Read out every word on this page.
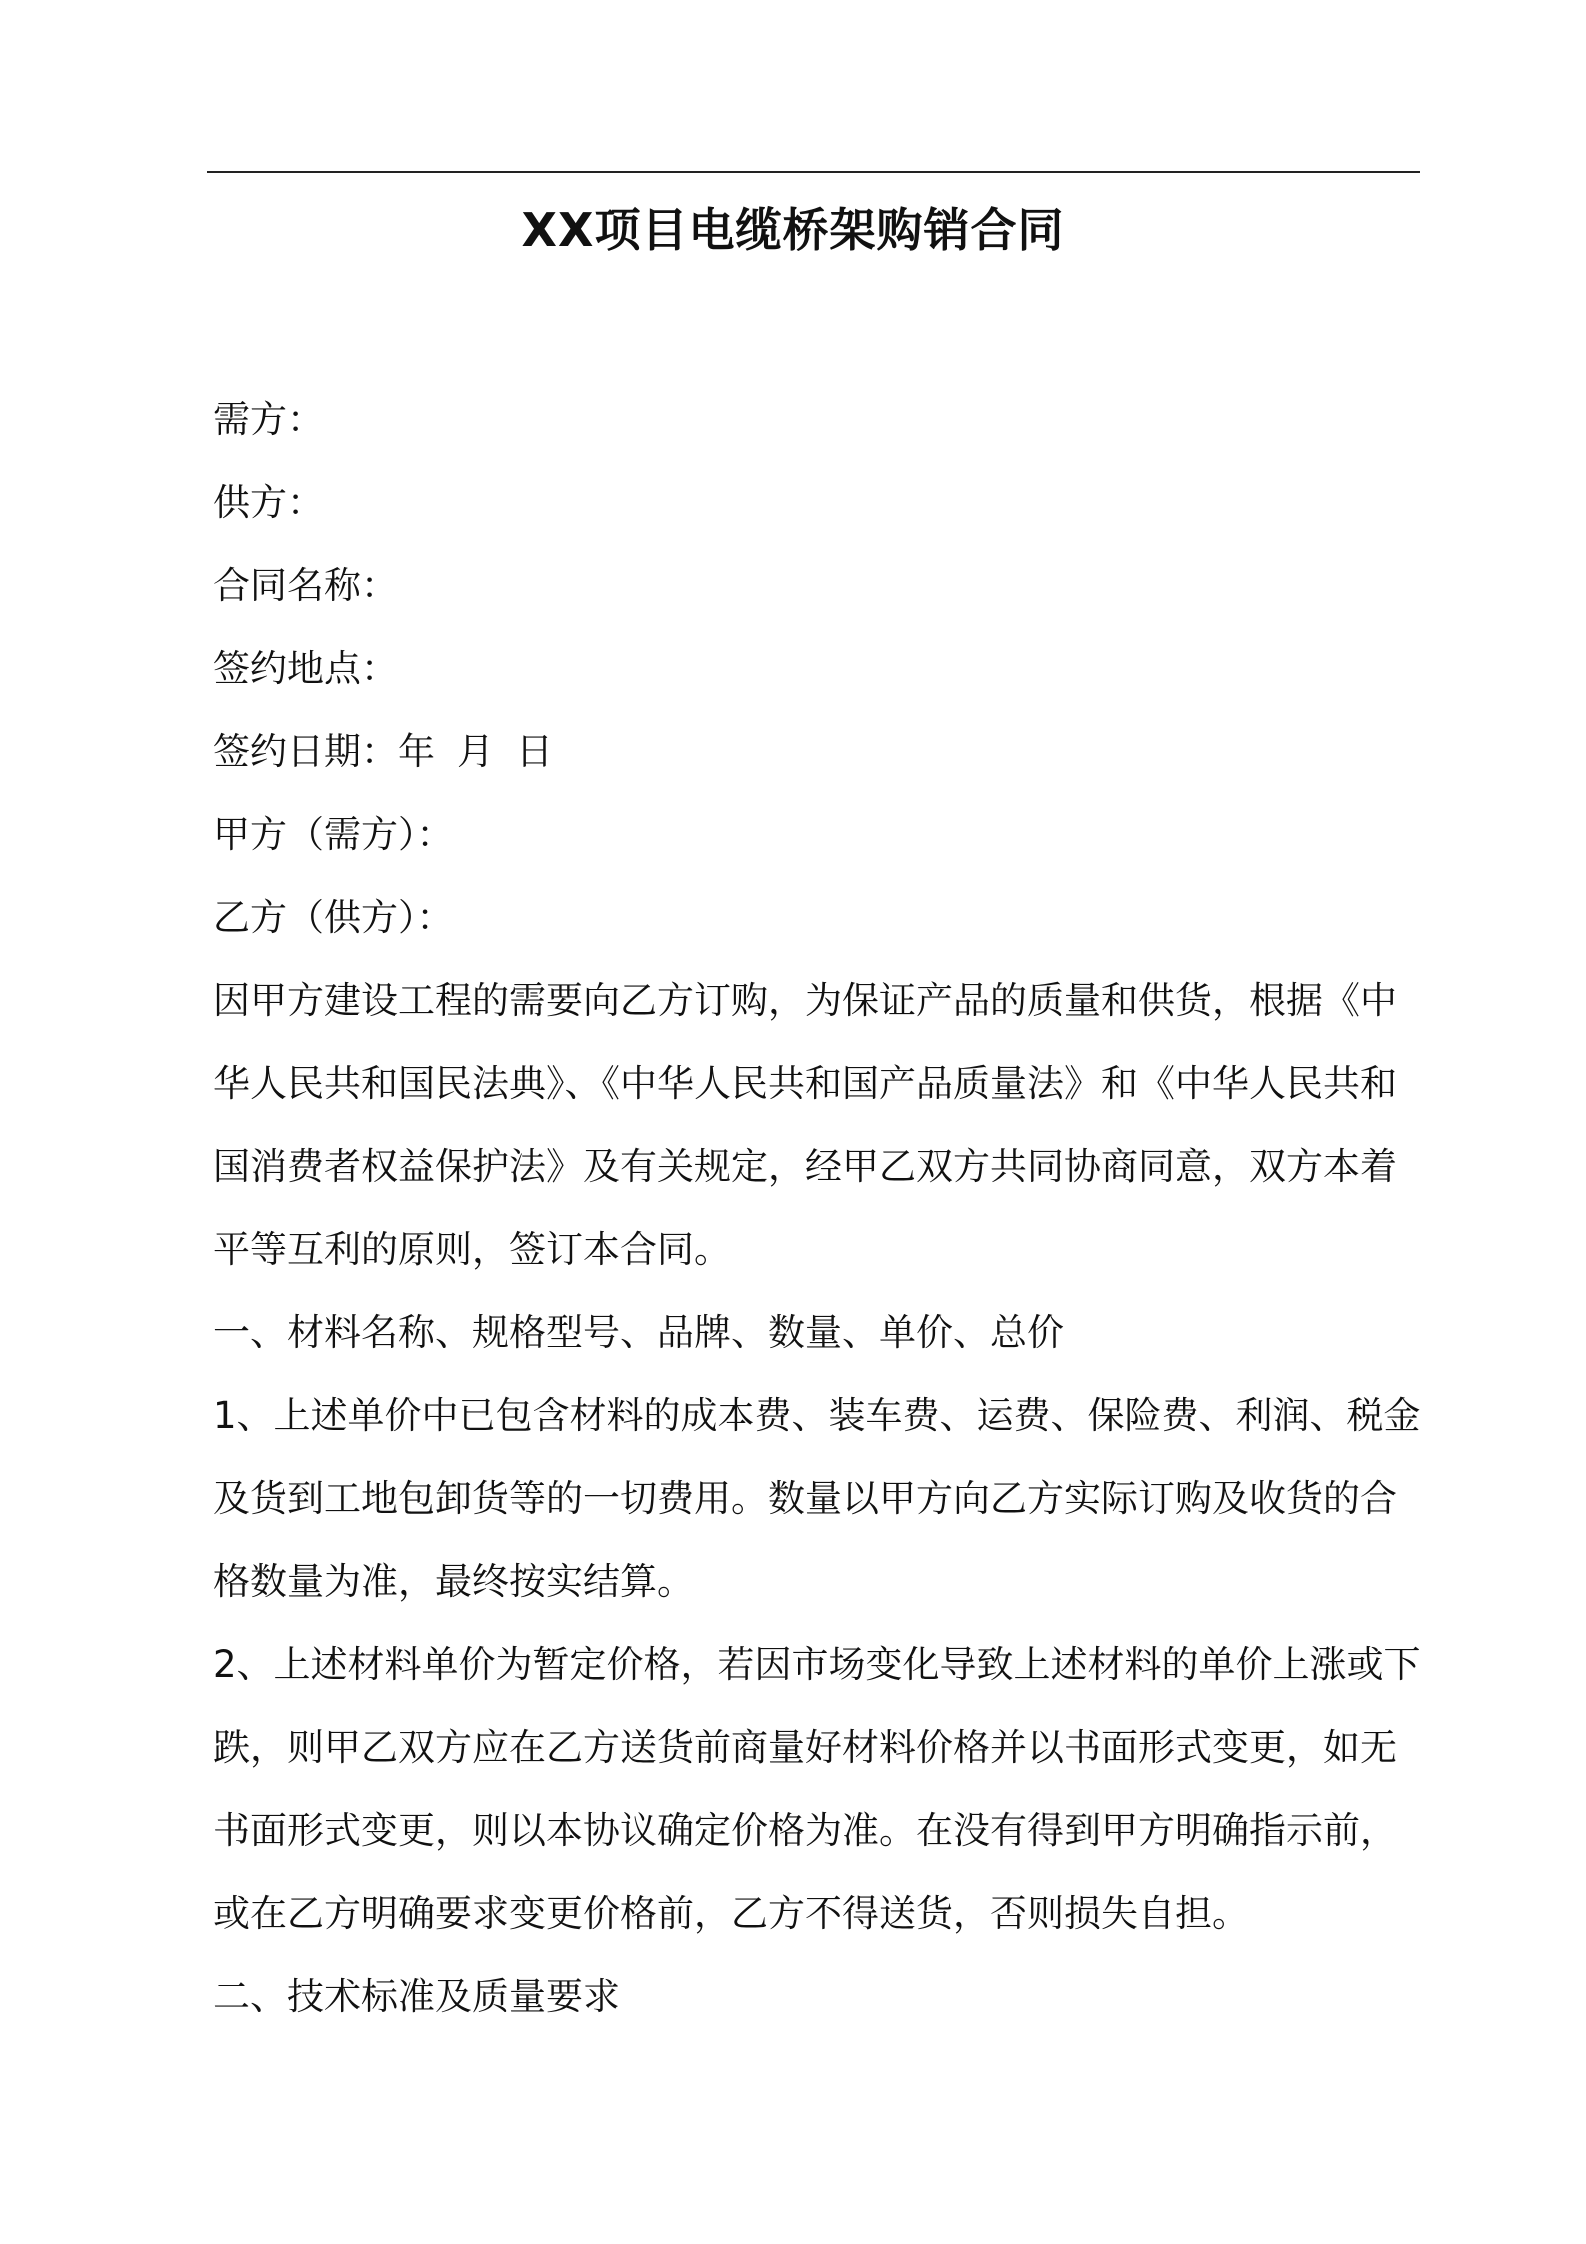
XX项目电缆桥架购销合同
需方：
供方：
合同名称：
签约地点：
签约日期：年 月 日
甲方（需方）：
乙方（供方）：
因甲方建设工程的需要向乙方订购，为保证产品的质量和供货，根据《中
华人民共和国民法典》、《中华人民共和国产品质量法》和《中华人民共和
国消费者权益保护法》及有关规定，经甲乙双方共同协商同意，双方本着
平等互利的原则，签订本合同。
一、材料名称、规格型号、品牌、数量、单价、总价
1、上述单价中已包含材料的成本费、装车费、运费、保险费、利润、税金
及货到工地包卸货等的一切费用。数量以甲方向乙方实际订购及收货的合
格数量为准，最终按实结算。
2、上述材料单价为暂定价格，若因市场变化导致上述材料的单价上涨或下
跌，则甲乙双方应在乙方送货前商量好材料价格并以书面形式变更，如无
书面形式变更，则以本协议确定价格为准。在没有得到甲方明确指示前，
或在乙方明确要求变更价格前，乙方不得送货，否则损失自担。
二、技术标准及质量要求
